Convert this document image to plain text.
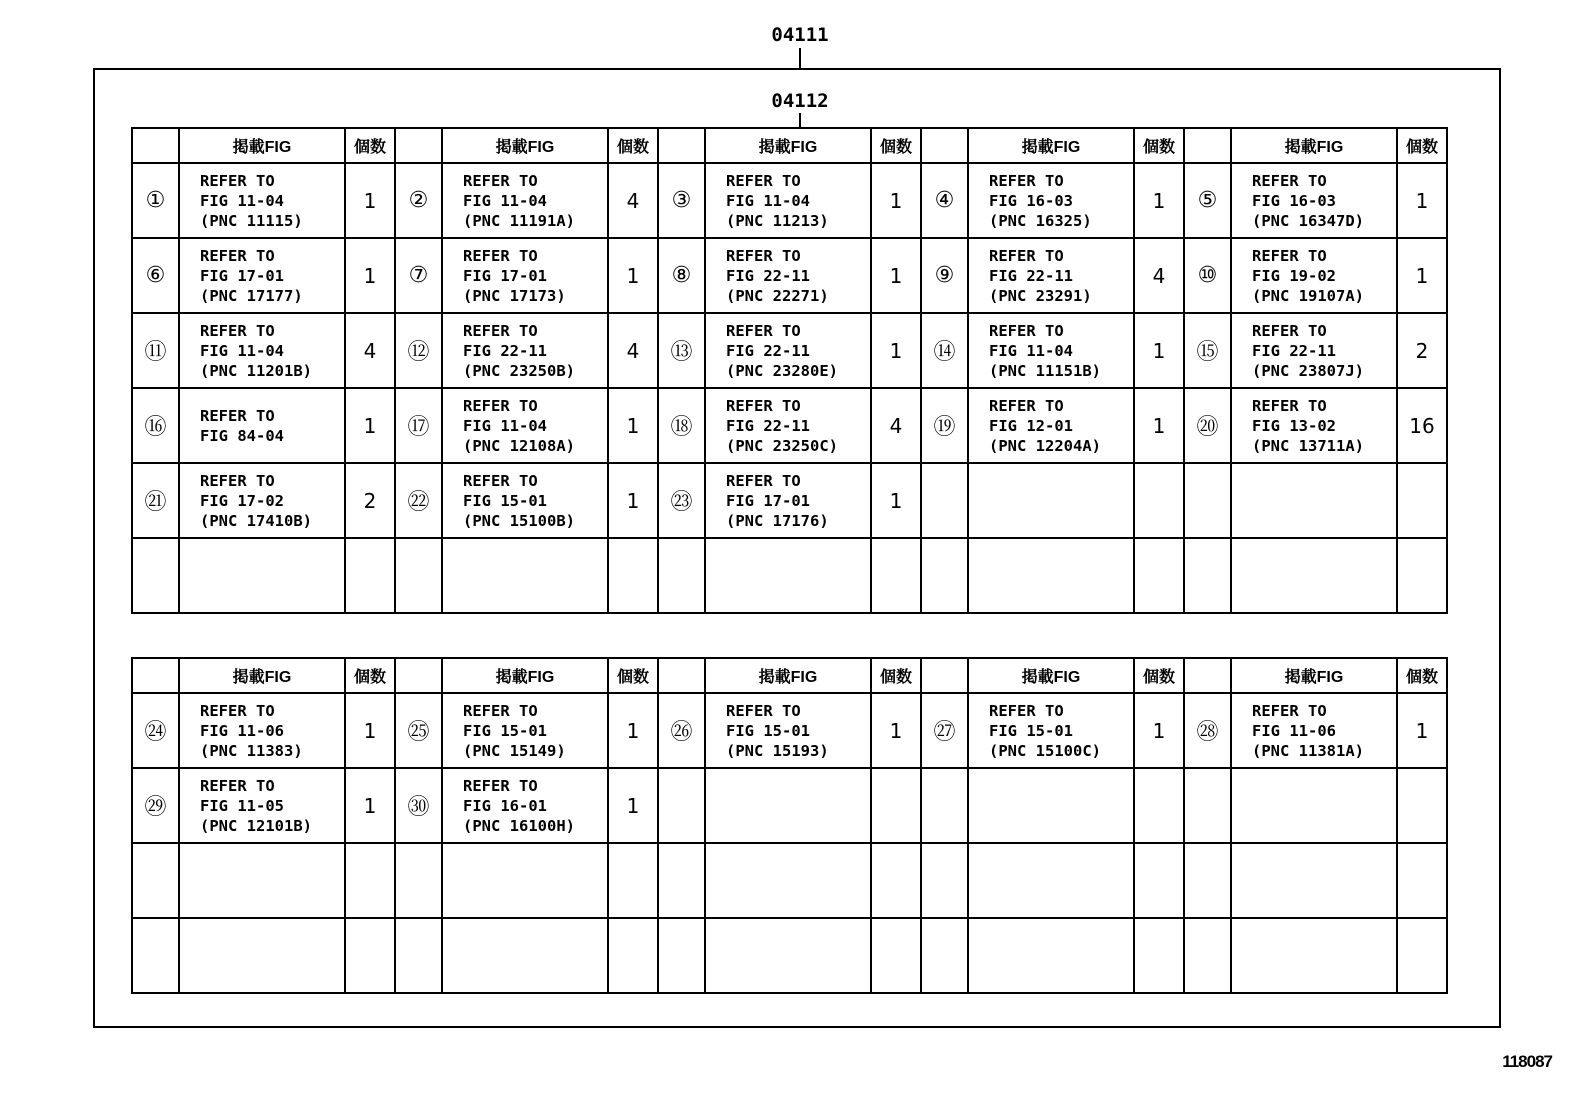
04111
04112
	掲載FIG	個数		掲載FIG	個数		掲載FIG	個数		掲載FIG	個数		掲載FIG	個数
①	REFER TO
FIG 11-04
(PNC 11115)	1	②	REFER TO
FIG 11-04
(PNC 11191A)	4	③	REFER TO
FIG 11-04
(PNC 11213)	1	④	REFER TO
FIG 16-03
(PNC 16325)	1	⑤	REFER TO
FIG 16-03
(PNC 16347D)	1
⑥	REFER TO
FIG 17-01
(PNC 17177)	1	⑦	REFER TO
FIG 17-01
(PNC 17173)	1	⑧	REFER TO
FIG 22-11
(PNC 22271)	1	⑨	REFER TO
FIG 22-11
(PNC 23291)	4	⑩	REFER TO
FIG 19-02
(PNC 19107A)	1
⑪	REFER TO
FIG 11-04
(PNC 11201B)	4	⑫	REFER TO
FIG 22-11
(PNC 23250B)	4	⑬	REFER TO
FIG 22-11
(PNC 23280E)	1	⑭	REFER TO
FIG 11-04
(PNC 11151B)	1	⑮	REFER TO
FIG 22-11
(PNC 23807J)	2
⑯	REFER TO
FIG 84-04	1	⑰	REFER TO
FIG 11-04
(PNC 12108A)	1	⑱	REFER TO
FIG 22-11
(PNC 23250C)	4	⑲	REFER TO
FIG 12-01
(PNC 12204A)	1	⑳	REFER TO
FIG 13-02
(PNC 13711A)	16
㉑	REFER TO
FIG 17-02
(PNC 17410B)	2	㉒	REFER TO
FIG 15-01
(PNC 15100B)	1	㉓	REFER TO
FIG 17-01
(PNC 17176)	1						

	掲載FIG	個数		掲載FIG	個数		掲載FIG	個数		掲載FIG	個数		掲載FIG	個数
㉔	REFER TO
FIG 11-06
(PNC 11383)	1	㉕	REFER TO
FIG 15-01
(PNC 15149)	1	㉖	REFER TO
FIG 15-01
(PNC 15193)	1	㉗	REFER TO
FIG 15-01
(PNC 15100C)	1	㉘	REFER TO
FIG 11-06
(PNC 11381A)	1
㉙	REFER TO
FIG 11-05
(PNC 12101B)	1	㉚	REFER TO
FIG 16-01
(PNC 16100H)	1									

118087
